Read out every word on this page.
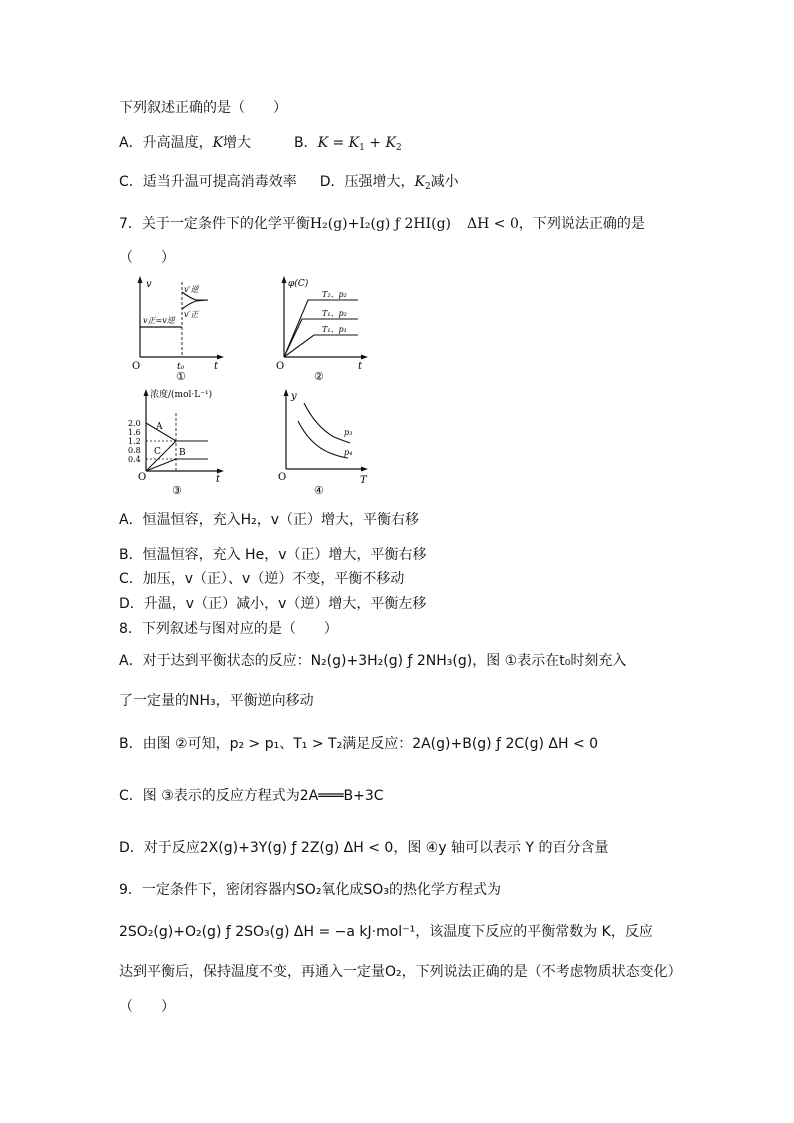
下列叙述正确的是（　　）
A．升高温度，K增大	B．$K = K_1 + K_2$
C．适当升温可提高消毒效率 D．压强增大，$K_2$减小
7．关于一定条件下的化学平衡H₂(g)+I₂(g) ƒ 2HI(g) ΔH < 0，下列说法正确的是
（　　）
v
t
O	t₀
v正=v逆
v′逆
v′正
①
φ(C)
t
O
T₂、p₂
T₁、p₂
T₁、p₁
②
浓度/(mol·L⁻¹)
t
O
2.0
1.6
1.2
0.8
0.4
A
B
C
③
y
T
O
p₃
p₄
④
A．恒温恒容，充入H₂，v（正）增大，平衡右移
B．恒温恒容，充入 He，v（正）增大，平衡右移
C．加压，v（正）、v（逆）不变，平衡不移动
D．升温，v（正）减小，v（逆）增大，平衡左移
8．下列叙述与图对应的是（　　）
A．对于达到平衡状态的反应：N₂(g)+3H₂(g) ƒ 2NH₃(g)，图 ①表示在t₀时刻充入
了一定量的NH₃，平衡逆向移动
B．由图 ②可知，p₂ > p₁、T₁ > T₂满足反应：2A(g)+B(g) ƒ 2C(g) ΔH < 0
C．图 ③表示的反应方程式为2A═══B+3C
D．对于反应2X(g)+3Y(g) ƒ 2Z(g) ΔH < 0，图 ④y 轴可以表示 Y 的百分含量
9．一定条件下，密闭容器内SO₂氧化成SO₃的热化学方程式为
2SO₂(g)+O₂(g) ƒ 2SO₃(g) ΔH = −a kJ·mol⁻¹，该温度下反应的平衡常数为 K，反应
达到平衡后，保持温度不变，再通入一定量O₂，下列说法正确的是（不考虑物质状态变化）
（　　）
